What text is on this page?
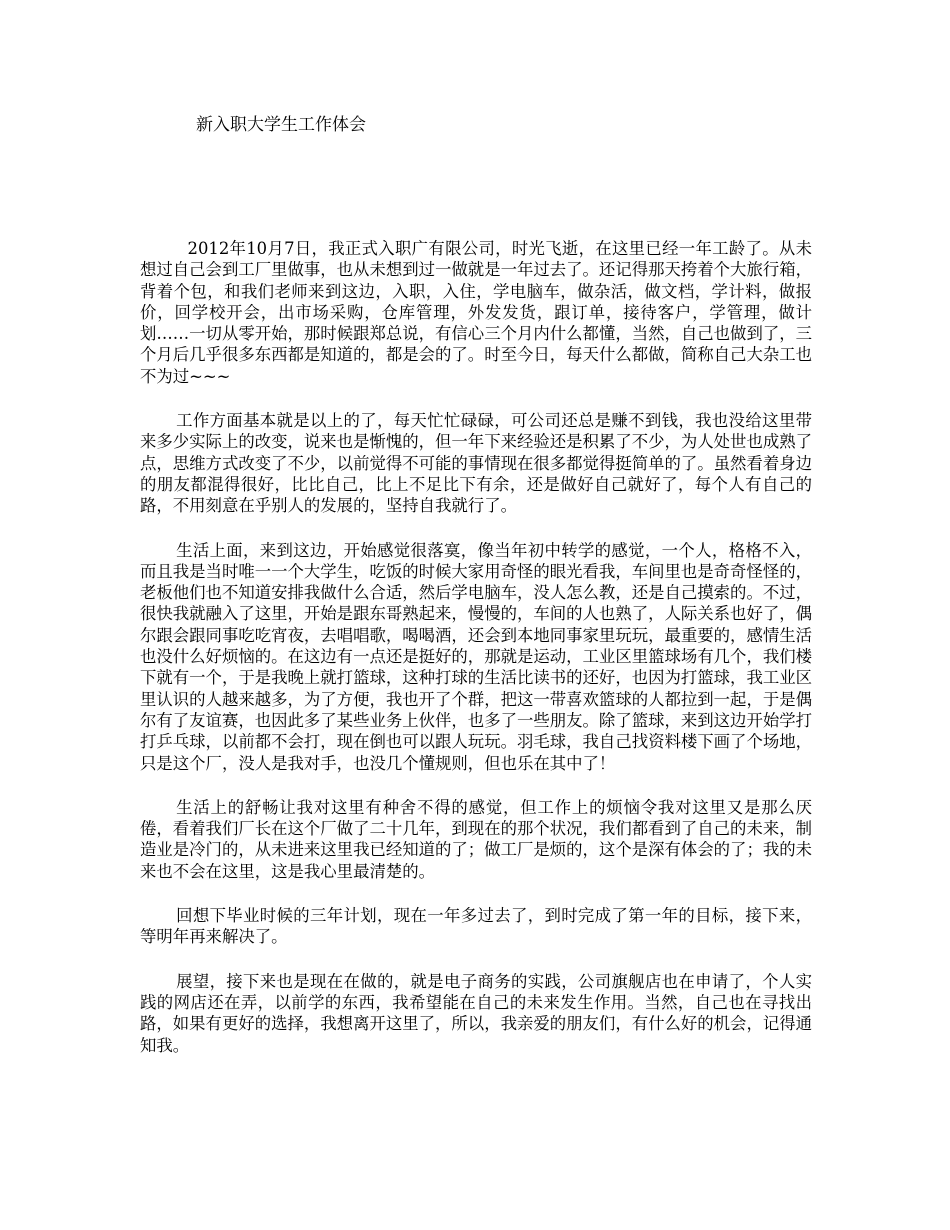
新入职大学生工作体会

2012年10月7日，我正式入职广有限公司，时光飞逝，在这里已经一年工龄了。从未想过自己会到工厂里做事，也从未想到过一做就是一年过去了。还记得那天挎着个大旅行箱，背着个包，和我们老师来到这边，入职，入住，学电脑车，做杂活，做文档，学计料，做报价，回学校开会，出市场采购，仓库管理，外发发货，跟订单，接待客户，学管理，做计划……一切从零开始，那时候跟郑总说，有信心三个月内什么都懂，当然，自己也做到了，三个月后几乎很多东西都是知道的，都是会的了。时至今日，每天什么都做，简称自己大杂工也不为过~~~

工作方面基本就是以上的了，每天忙忙碌碌，可公司还总是赚不到钱，我也没给这里带来多少实际上的改变，说来也是惭愧的，但一年下来经验还是积累了不少，为人处世也成熟了点，思维方式改变了不少，以前觉得不可能的事情现在很多都觉得挺简单的了。虽然看着身边的朋友都混得很好，比比自己，比上不足比下有余，还是做好自己就好了，每个人有自己的路，不用刻意在乎别人的发展的，坚持自我就行了。

生活上面，来到这边，开始感觉很落寞，像当年初中转学的感觉，一个人，格格不入，而且我是当时唯一一个大学生，吃饭的时候大家用奇怪的眼光看我，车间里也是奇奇怪怪的，老板他们也不知道安排我做什么合适，然后学电脑车，没人怎么教，还是自己摸索的。不过，很快我就融入了这里，开始是跟东哥熟起来，慢慢的，车间的人也熟了，人际关系也好了，偶尔跟会跟同事吃吃宵夜，去唱唱歌，喝喝酒，还会到本地同事家里玩玩，最重要的，感情生活也没什么好烦恼的。在这边有一点还是挺好的，那就是运动，工业区里篮球场有几个，我们楼下就有一个，于是我晚上就打篮球，这种打球的生活比读书的还好，也因为打篮球，我工业区里认识的人越来越多，为了方便，我也开了个群，把这一带喜欢篮球的人都拉到一起，于是偶尔有了友谊赛，也因此多了某些业务上伙伴，也多了一些朋友。除了篮球，来到这边开始学打打乒乓球，以前都不会打，现在倒也可以跟人玩玩。羽毛球，我自己找资料楼下画了个场地，只是这个厂，没人是我对手，也没几个懂规则，但也乐在其中了！

生活上的舒畅让我对这里有种舍不得的感觉，但工作上的烦恼令我对这里又是那么厌倦，看着我们厂长在这个厂做了二十几年，到现在的那个状况，我们都看到了自己的未来，制造业是冷门的，从未进来这里我已经知道的了；做工厂是烦的，这个是深有体会的了；我的未来也不会在这里，这是我心里最清楚的。

回想下毕业时候的三年计划，现在一年多过去了，到时完成了第一年的目标，接下来，等明年再来解决了。

展望，接下来也是现在在做的，就是电子商务的实践，公司旗舰店也在申请了，个人实践的网店还在弄，以前学的东西，我希望能在自己的未来发生作用。当然，自己也在寻找出路，如果有更好的选择，我想离开这里了，所以，我亲爱的朋友们，有什么好的机会，记得通知我。
